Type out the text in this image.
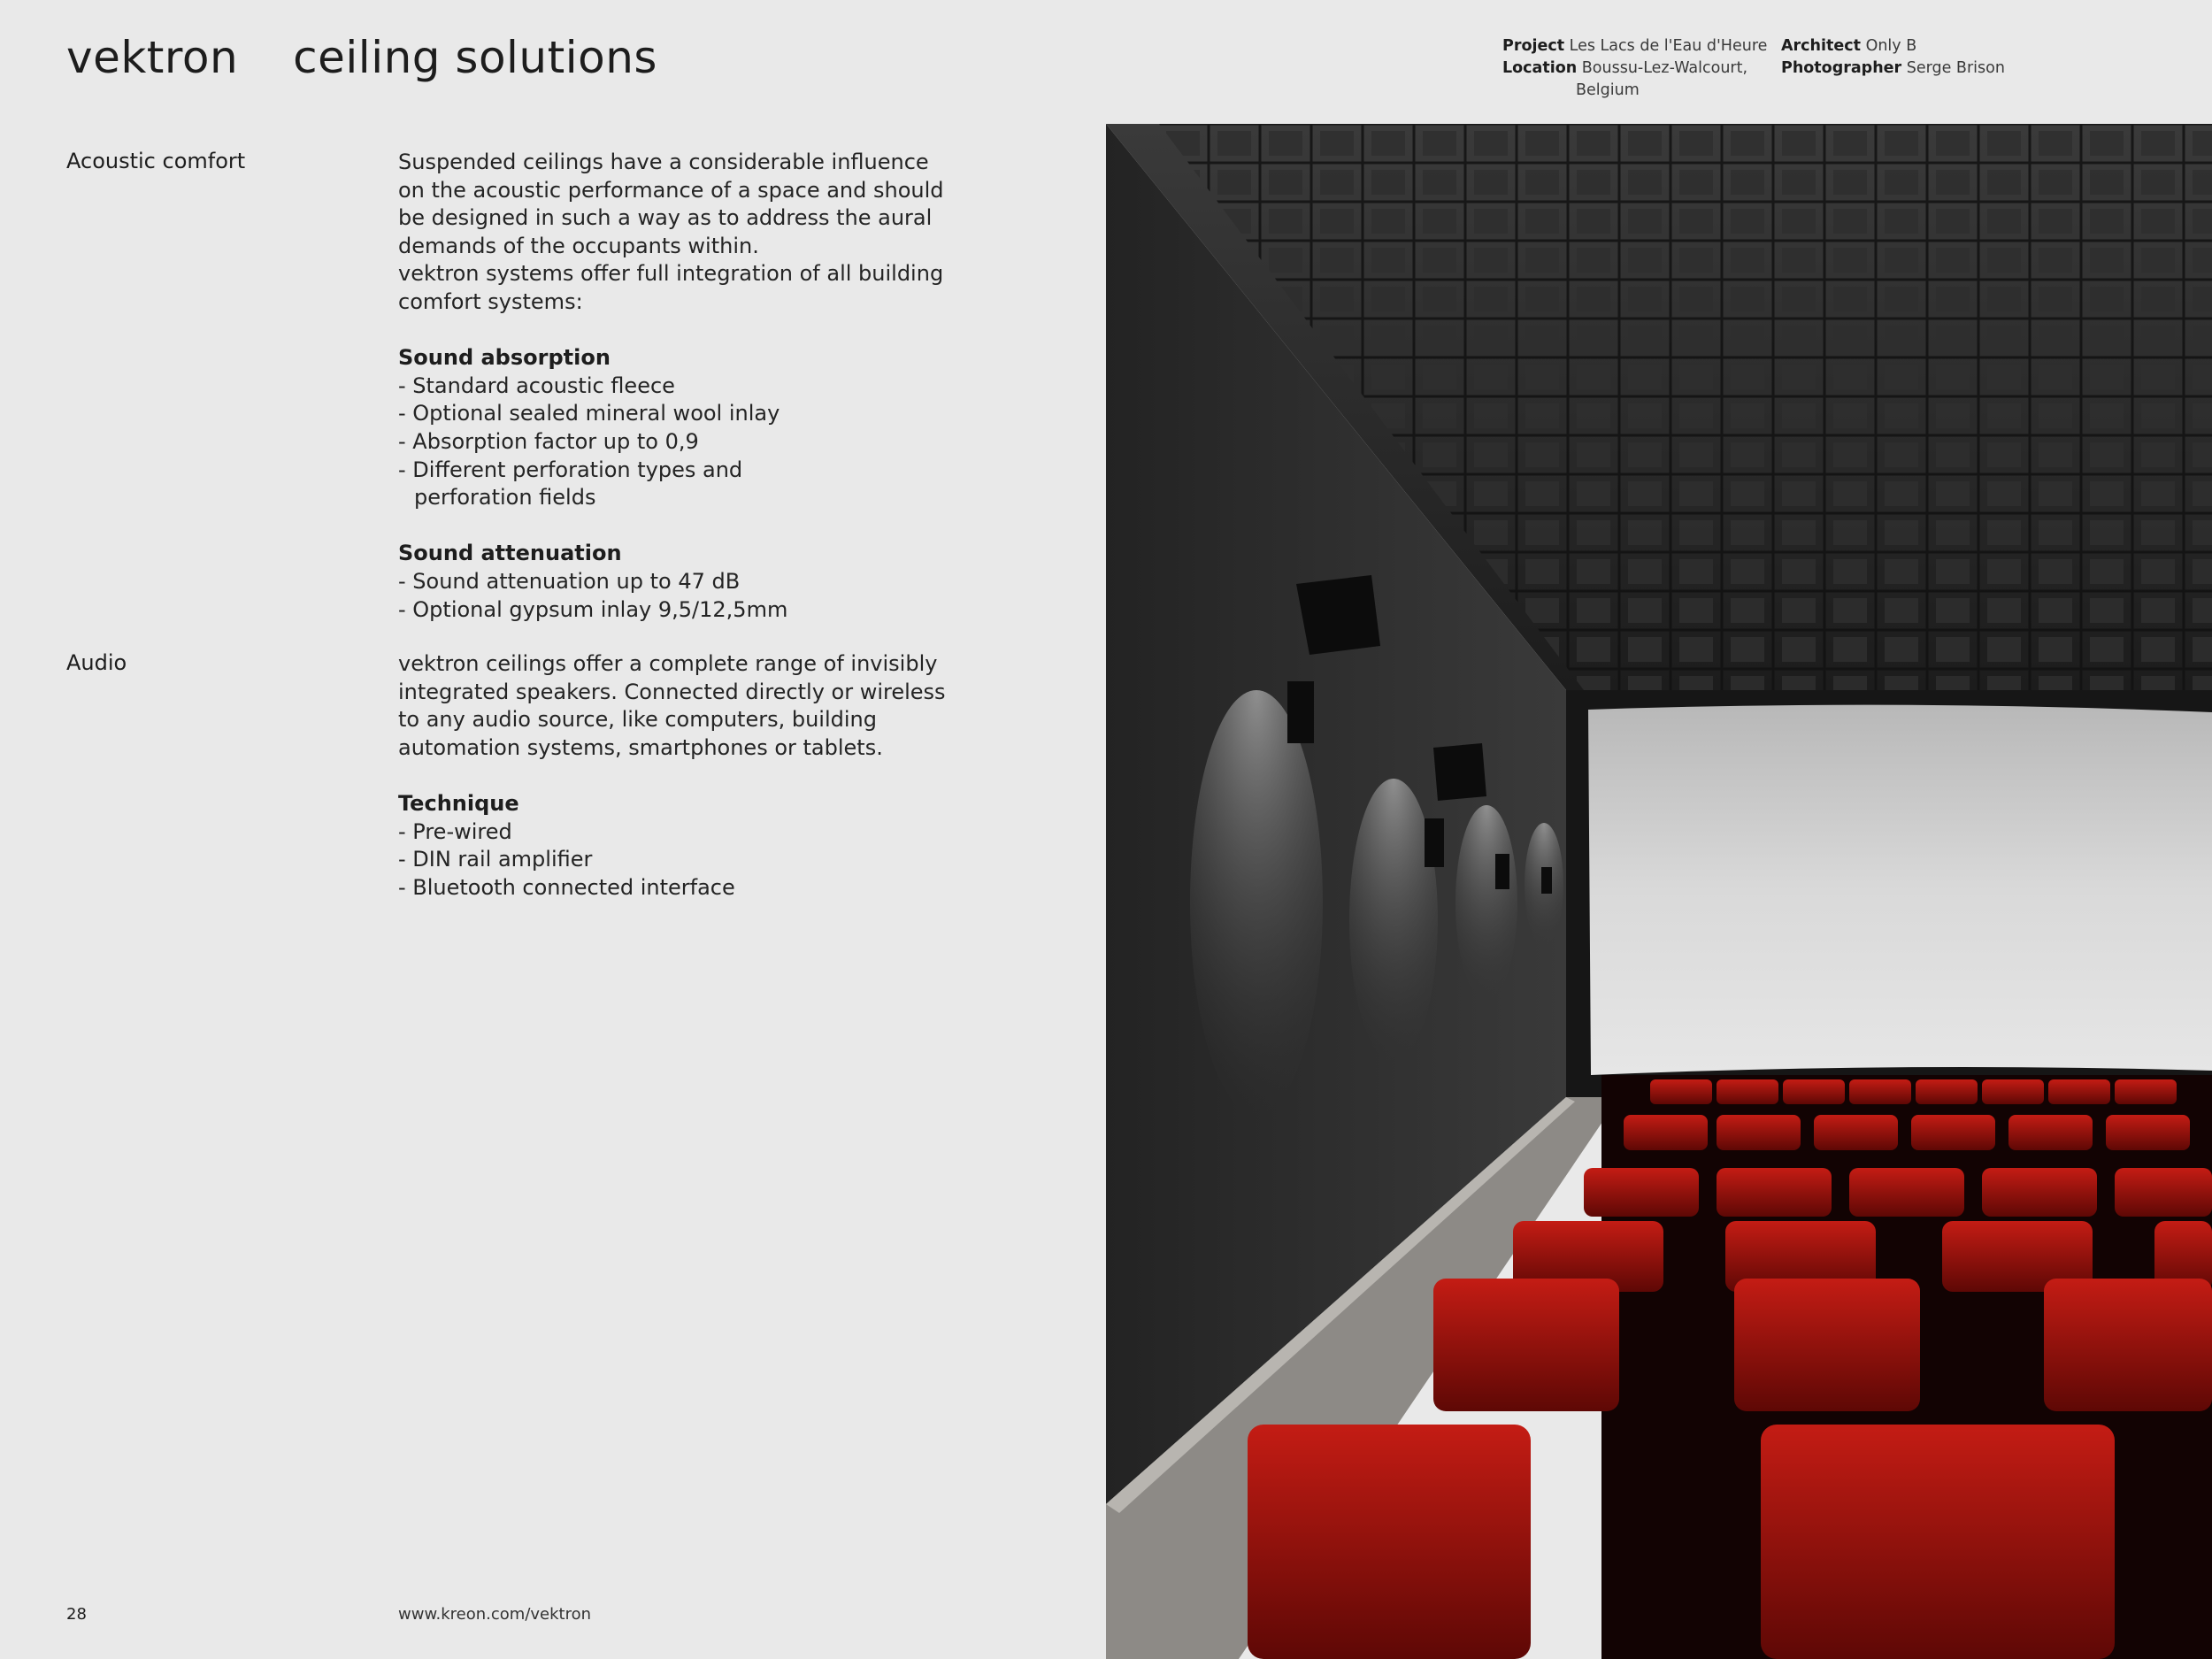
vektron ceiling solutions	Project Les Lacs de l'Eau d'Heure
Location Boussu-Lez-Walcourt,
Belgium
Architect Only B
Photographer Serge Brison
Acoustic comfort	Suspended ceilings have a considerable influence on the acoustic performance of a space and should be designed in such a way as to address the aural demands of the occupants within.

vektron systems offer full integration of all building comfort systems:

Sound absorption
- Standard acoustic fleece
- Optional sealed mineral wool inlay
- Absorption factor up to 0,9
- Different perforation types and perforation fields
Sound attenuation
- Sound attenuation up to 47 dB
- Optional gypsum inlay 9,5/12,5mm
Audio	vektron ceilings offer a complete range of invisibly integrated speakers. Connected directly or wireless to any audio source, like computers, building automation systems, smartphones or tablets.

Technique
- Pre-wired
- DIN rail amplifier
- Bluetooth connected interface
28	www.kreon.com/vektron
